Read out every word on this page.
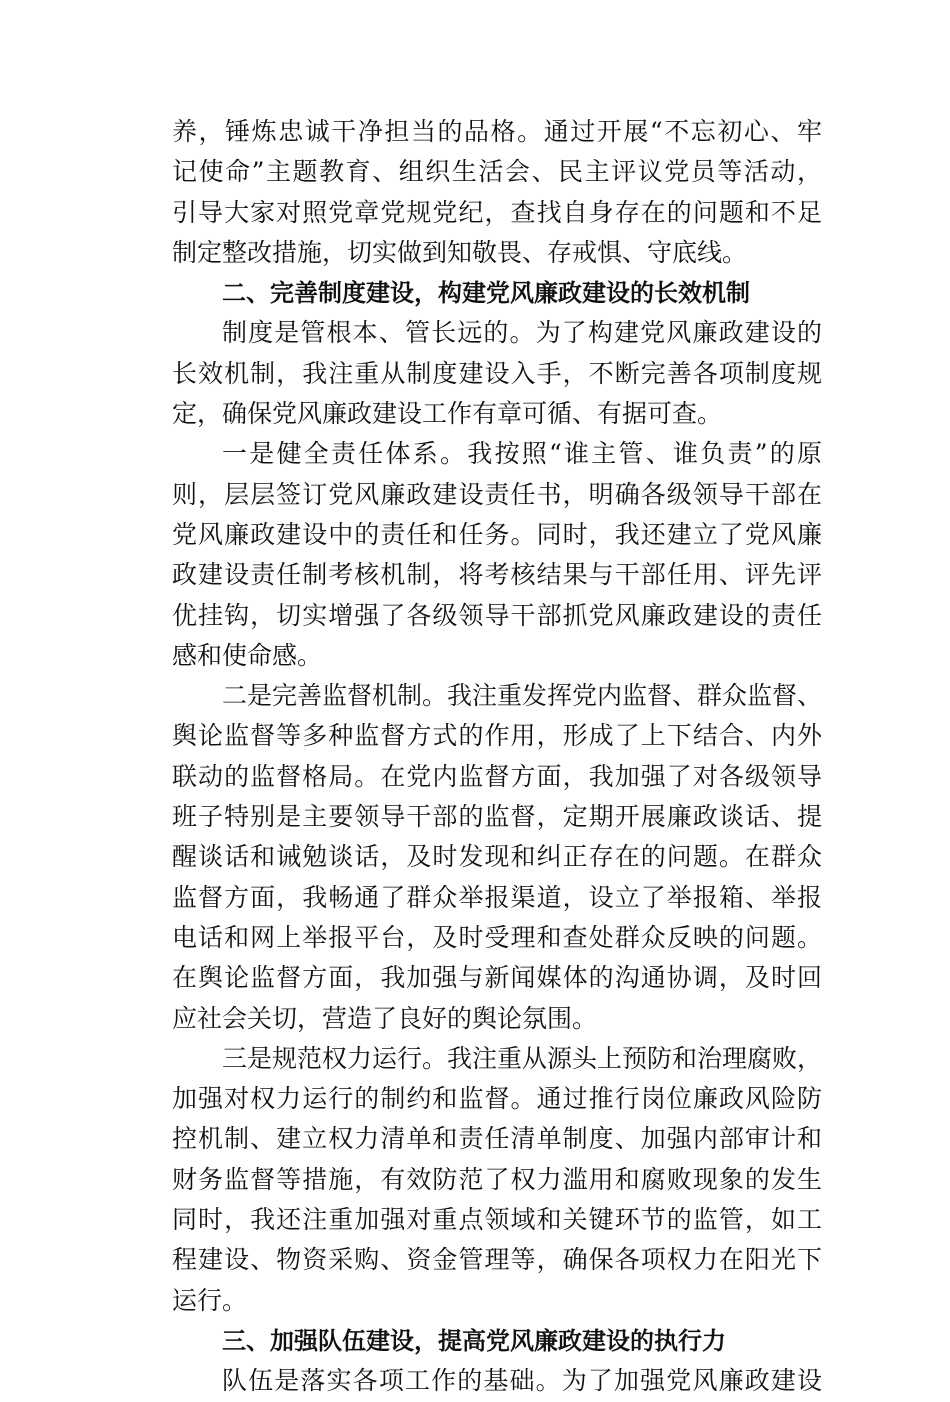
养，锤炼忠诚干净担当的品格。通过开展“不忘初心、牢
记使命”主题教育、组织生活会、民主评议党员等活动，
引导大家对照党章党规党纪，查找自身存在的问题和不足
制定整改措施，切实做到知敬畏、存戒惧、守底线。
二、完善制度建设，构建党风廉政建设的长效机制
制度是管根本、管长远的。为了构建党风廉政建设的
长效机制，我注重从制度建设入手，不断完善各项制度规
定，确保党风廉政建设工作有章可循、有据可查。
一是健全责任体系。我按照“谁主管、谁负责”的原
则，层层签订党风廉政建设责任书，明确各级领导干部在
党风廉政建设中的责任和任务。同时，我还建立了党风廉
政建设责任制考核机制，将考核结果与干部任用、评先评
优挂钩，切实增强了各级领导干部抓党风廉政建设的责任
感和使命感。
二是完善监督机制。我注重发挥党内监督、群众监督、
舆论监督等多种监督方式的作用，形成了上下结合、内外
联动的监督格局。在党内监督方面，我加强了对各级领导
班子特别是主要领导干部的监督，定期开展廉政谈话、提
醒谈话和诫勉谈话，及时发现和纠正存在的问题。在群众
监督方面，我畅通了群众举报渠道，设立了举报箱、举报
电话和网上举报平台，及时受理和查处群众反映的问题。
在舆论监督方面，我加强与新闻媒体的沟通协调，及时回
应社会关切，营造了良好的舆论氛围。
三是规范权力运行。我注重从源头上预防和治理腐败，
加强对权力运行的制约和监督。通过推行岗位廉政风险防
控机制、建立权力清单和责任清单制度、加强内部审计和
财务监督等措施，有效防范了权力滥用和腐败现象的发生
同时，我还注重加强对重点领域和关键环节的监管，如工
程建设、物资采购、资金管理等，确保各项权力在阳光下
运行。
三、加强队伍建设，提高党风廉政建设的执行力
队伍是落实各项工作的基础。为了加强党风廉政建设
